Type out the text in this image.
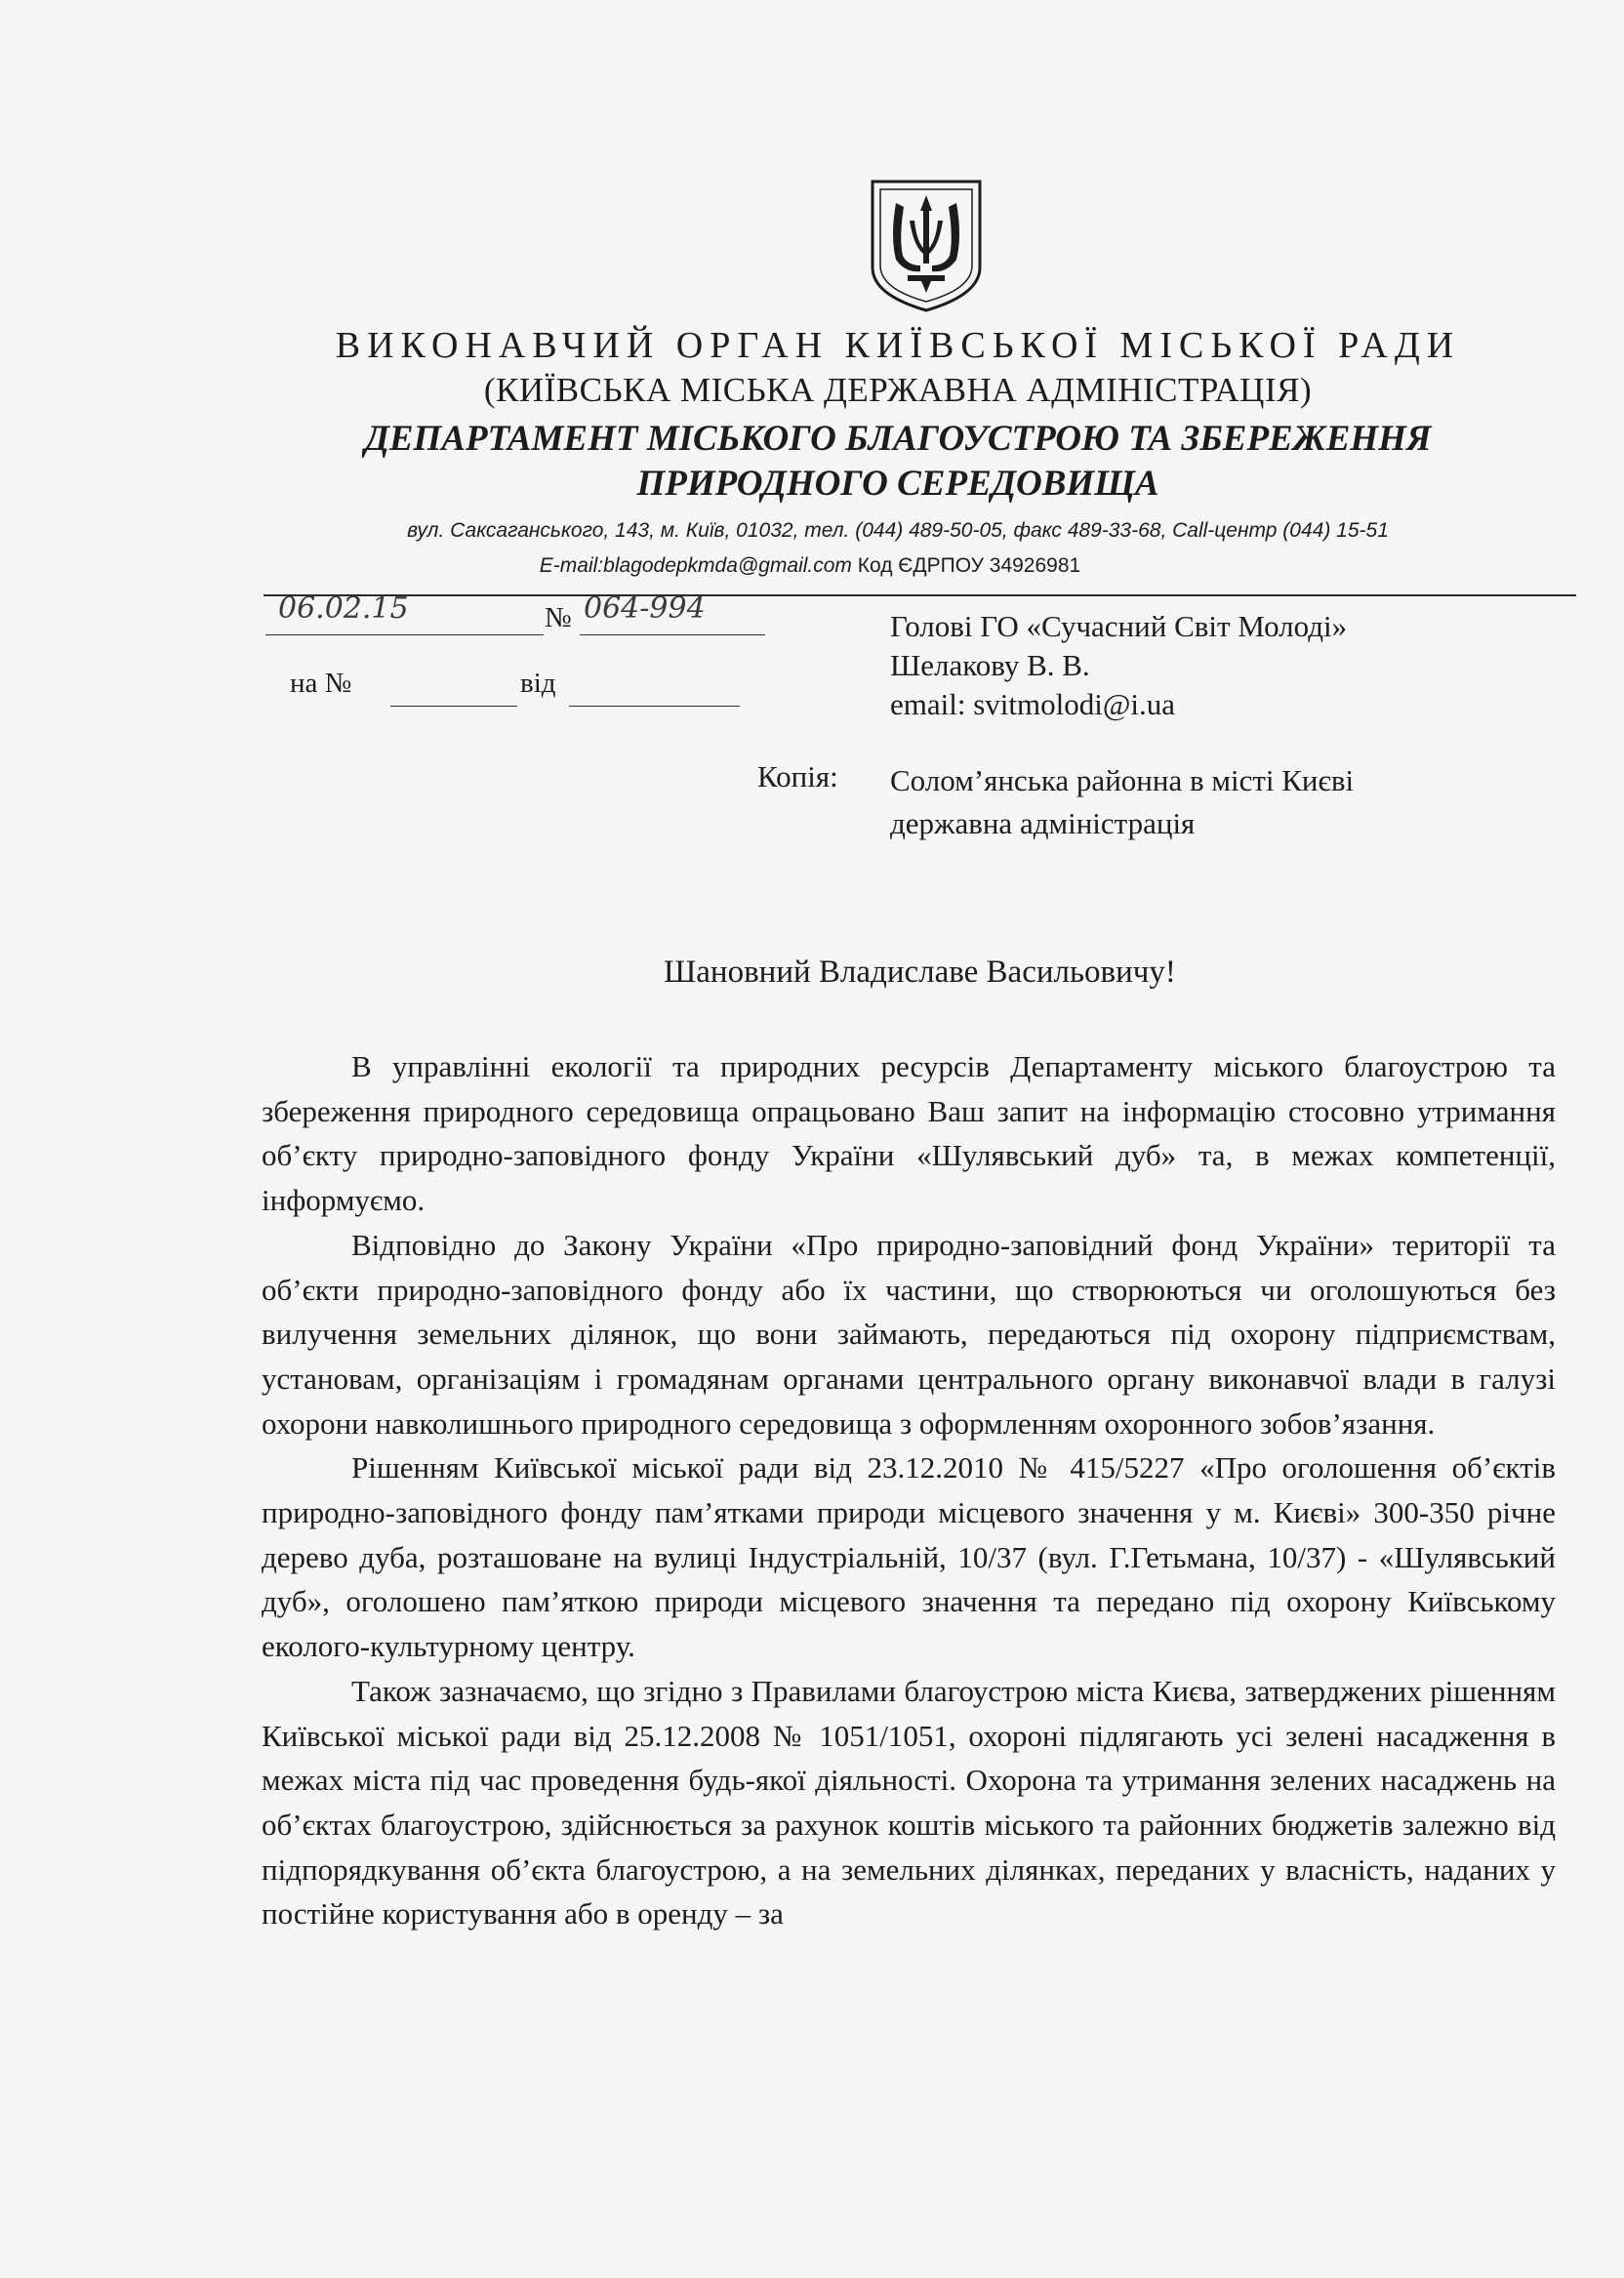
ВИКОНАВЧИЙ ОРГАН КИЇВСЬКОЇ МІСЬКОЇ РАДИ
(КИЇВСЬКА МІСЬКА ДЕРЖАВНА АДМІНІСТРАЦІЯ)
ДЕПАРТАМЕНТ МІСЬКОГО БЛАГОУСТРОЮ ТА ЗБЕРЕЖЕННЯ
ПРИРОДНОГО СЕРЕДОВИЩА
вул. Саксаганського, 143, м. Київ, 01032, тел. (044) 489-50-05, факс 489-33-68, Call-центр (044) 15-51
E-mail:blagodepkmda@gmail.com Код ЄДРПОУ 34926981
06.02.15	№ 064-994
на №	від
Голові ГО «Сучасний Світ Молоді»
Шелакову В. В.
email: svitmolodi@i.ua
Копія: Солом’янська районна в місті Києві
державна адміністрація
Шановний Владиславе Васильовичу!

В управлінні екології та природних ресурсів Департаменту міського благоустрою та збереження природного середовища опрацьовано Ваш запит на інформацію стосовно утримання об’єкту природно-заповідного фонду України «Шулявський дуб» та, в межах компетенції, інформуємо.

Відповідно до Закону України «Про природно-заповідний фонд України» території та об’єкти природно-заповідного фонду або їх частини, що створюються чи оголошуються без вилучення земельних ділянок, що вони займають, передаються під охорону підприємствам, установам, організаціям і громадянам органами центрального органу виконавчої влади в галузі охорони навколишнього природного середовища з оформленням охоронного зобов’язання.

Рішенням Київської міської ради від 23.12.2010 № 415/5227 «Про оголошення об’єктів природно-заповідного фонду пам’ятками природи місцевого значення у м. Києві» 300-350 річне дерево дуба, розташоване на вулиці Індустріальній, 10/37 (вул. Г.Гетьмана, 10/37) - «Шулявський дуб», оголошено пам’яткою природи місцевого значення та передано під охорону Київському еколого-культурному центру.

Також зазначаємо, що згідно з Правилами благоустрою міста Києва, затверджених рішенням Київської міської ради від 25.12.2008 № 1051/1051, охороні підлягають усі зелені насадження в межах міста під час проведення будь-якої діяльності. Охорона та утримання зелених насаджень на об’єктах благоустрою, здійснюється за рахунок коштів міського та районних бюджетів залежно від підпорядкування об’єкта благоустрою, а на земельних ділянках, переданих у власність, наданих у постійне користування або в оренду – за
